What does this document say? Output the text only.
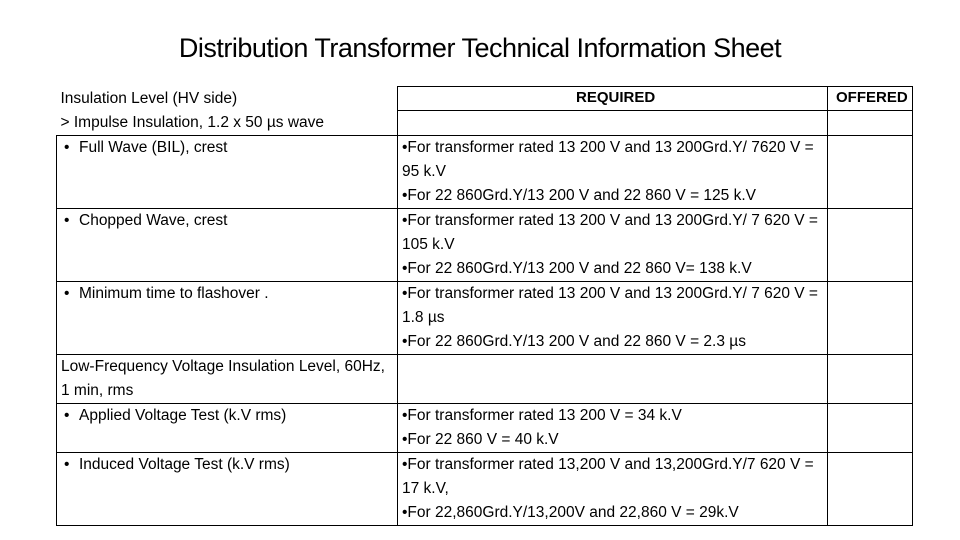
Distribution Transformer Technical Information Sheet
REQUIRED	OFFERED
Insulation Level (HV side)		
> Impulse Insulation, 1.2 x 50 µs wave		

• Full Wave (BIL), crest	•For transformer rated 13 200 V and 13 200Grd.Y/ 7620 V = 95 k.V
•For 22 860Grd.Y/13 200 V and 22 860 V = 125 k.V	

• Chopped Wave, crest	•For transformer rated 13 200 V and 13 200Grd.Y/ 7 620 V = 105 k.V
•For 22 860Grd.Y/13 200 V and 22 860 V= 138 k.V	

• Minimum time to flashover .	•For transformer rated 13 200 V and 13 200Grd.Y/ 7 620 V = 1.8 µs
•For 22 860Grd.Y/13 200 V and 22 860 V = 2.3 µs	

Low-Frequency Voltage Insulation Level, 60Hz, 1 min, rms		

• Applied Voltage Test (k.V rms)	•For transformer rated 13 200 V = 34 k.V
•For 22 860 V = 40 k.V	

• Induced Voltage Test (k.V rms)	•For transformer rated 13,200 V and 13,200Grd.Y/7 620 V = 17 k.V,
•For 22,860Grd.Y/13,200V and 22,860 V = 29k.V	
